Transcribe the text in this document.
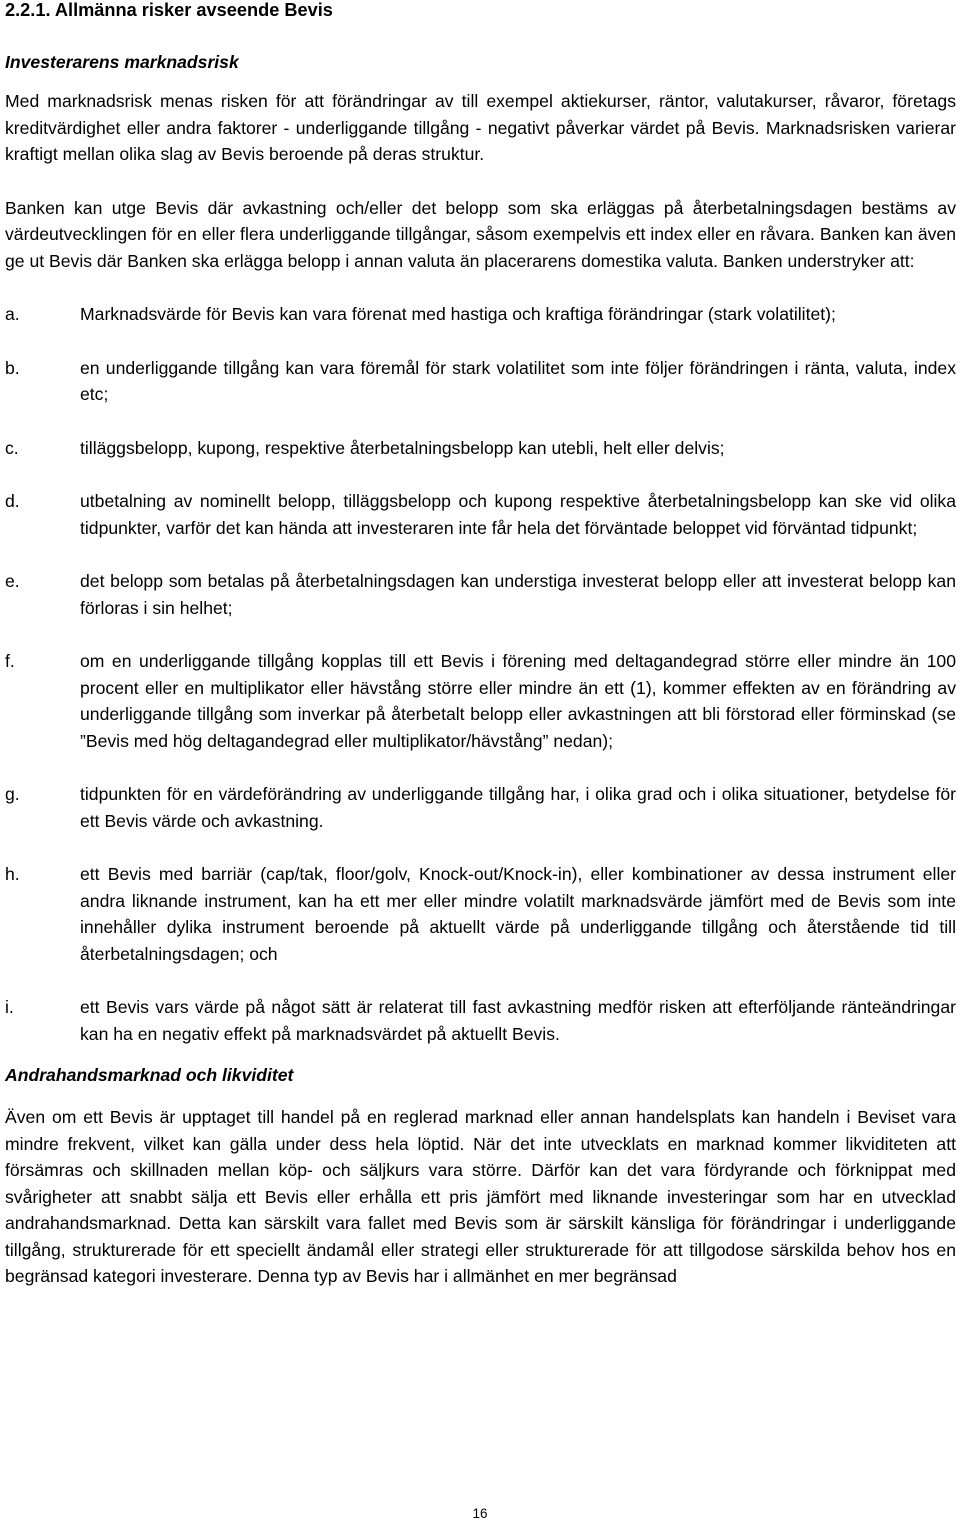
2.2.1. Allmänna risker avseende Bevis
Investerarens marknadsrisk

Med marknadsrisk menas risken för att förändringar av till exempel aktiekurser, räntor, valutakurser, råvaror, företags kreditvärdighet eller andra faktorer - underliggande tillgång - negativt påverkar värdet på Bevis. Marknadsrisken varierar kraftigt mellan olika slag av Bevis beroende på deras struktur.

Banken kan utge Bevis där avkastning och/eller det belopp som ska erläggas på återbetalningsdagen bestäms av värdeutvecklingen för en eller flera underliggande tillgångar, såsom exempelvis ett index eller en råvara. Banken kan även ge ut Bevis där Banken ska erlägga belopp i annan valuta än placerarens domestika valuta. Banken understryker att:

a.	Marknadsvärde för Bevis kan vara förenat med hastiga och kraftiga förändringar (stark volatilitet);
b.	en underliggande tillgång kan vara föremål för stark volatilitet som inte följer förändringen i ränta, valuta, index etc;
c.	tilläggsbelopp, kupong, respektive återbetalningsbelopp kan utebli, helt eller delvis;
d.	utbetalning av nominellt belopp, tilläggsbelopp och kupong respektive återbetalningsbelopp kan ske vid olika tidpunkter, varför det kan hända att investeraren inte får hela det förväntade beloppet vid förväntad tidpunkt;
e.	det belopp som betalas på återbetalningsdagen kan understiga investerat belopp eller att investerat belopp kan förloras i sin helhet;
f.	om en underliggande tillgång kopplas till ett Bevis i förening med deltagandegrad större eller mindre än 100 procent eller en multiplikator eller hävstång större eller mindre än ett (1), kommer effekten av en förändring av underliggande tillgång som inverkar på återbetalt belopp eller avkastningen att bli förstorad eller förminskad (se ”Bevis med hög deltagandegrad eller multiplikator/hävstång” nedan);
g.	tidpunkten för en värdeförändring av underliggande tillgång har, i olika grad och i olika situationer, betydelse för ett Bevis värde och avkastning.
h.	ett Bevis med barriär (cap/tak, floor/golv, Knock-out/Knock-in), eller kombinationer av dessa instrument eller andra liknande instrument, kan ha ett mer eller mindre volatilt marknadsvärde jämfört med de Bevis som inte innehåller dylika instrument beroende på aktuellt värde på underliggande tillgång och återstående tid till återbetalningsdagen; och
i.	ett Bevis vars värde på något sätt är relaterat till fast avkastning medför risken att efterföljande ränteändringar kan ha en negativ effekt på marknadsvärdet på aktuellt Bevis.
Andrahandsmarknad och likviditet

Även om ett Bevis är upptaget till handel på en reglerad marknad eller annan handelsplats kan handeln i Beviset vara mindre frekvent, vilket kan gälla under dess hela löptid. När det inte utvecklats en marknad kommer likviditeten att försämras och skillnaden mellan köp- och säljkurs vara större. Därför kan det vara fördyrande och förknippat med svårigheter att snabbt sälja ett Bevis eller erhålla ett pris jämfört med liknande investeringar som har en utvecklad andrahandsmarknad. Detta kan särskilt vara fallet med Bevis som är särskilt känsliga för förändringar i underliggande tillgång, strukturerade för ett speciellt ändamål eller strategi eller strukturerade för att tillgodose särskilda behov hos en begränsad kategori investerare. Denna typ av Bevis har i allmänhet en mer begränsad

16
